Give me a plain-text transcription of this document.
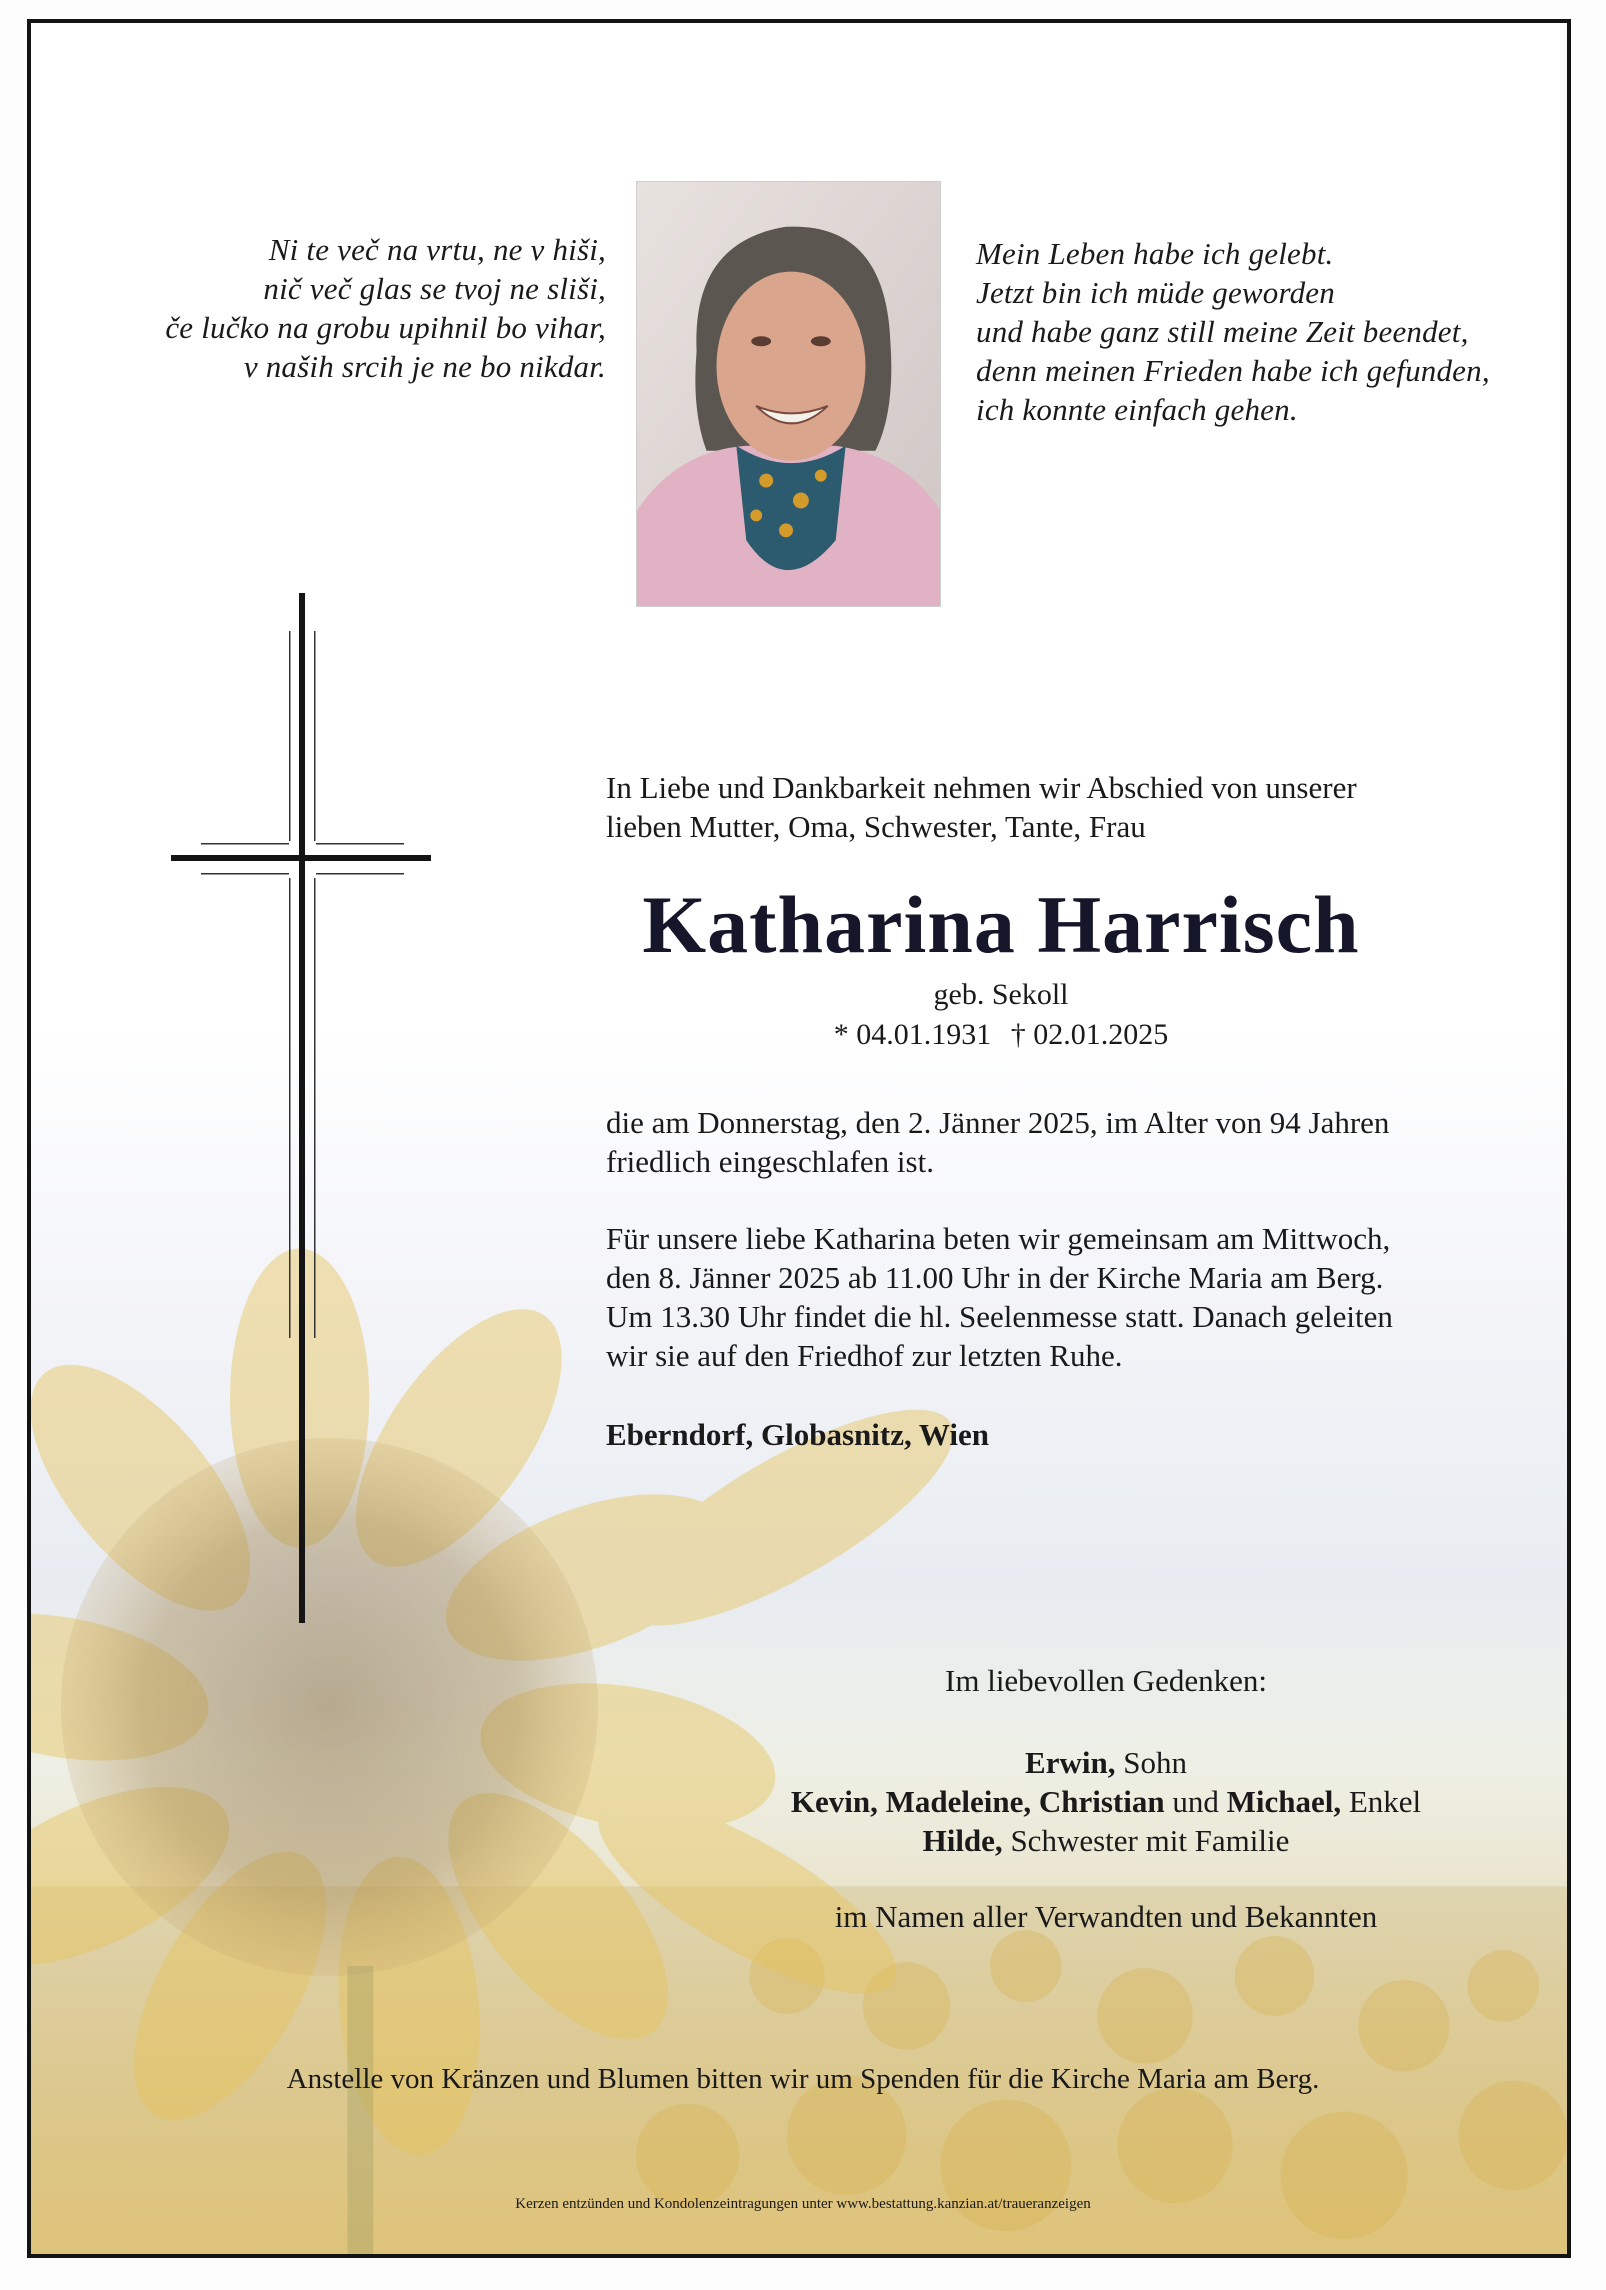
Ni te več na vrtu, ne v hiši,
nič več glas se tvoj ne sliši,
če lučko na grobu upihnil bo vihar,
v naših srcih je ne bo nikdar.
Mein Leben habe ich gelebt.
Jetzt bin ich müde geworden
und habe ganz still meine Zeit beendet,
denn meinen Frieden habe ich gefunden,
ich konnte einfach gehen.
In Liebe und Dankbarkeit nehmen wir Abschied von unserer
lieben Mutter, Oma, Schwester, Tante, Frau
Katharina Harrisch
geb. Sekoll
* 04.01.1931 † 02.01.2025
die am Donnerstag, den 2. Jänner 2025, im Alter von 94 Jahren
friedlich eingeschlafen ist.
Für unsere liebe Katharina beten wir gemeinsam am Mittwoch,
den 8. Jänner 2025 ab 11.00 Uhr in der Kirche Maria am Berg.
Um 13.30 Uhr findet die hl. Seelenmesse statt. Danach geleiten
wir sie auf den Friedhof zur letzten Ruhe.
Eberndorf, Globasnitz, Wien
Im liebevollen Gedenken:
Erwin, Sohn
Kevin, Madeleine, Christian und Michael, Enkel
Hilde, Schwester mit Familie
im Namen aller Verwandten und Bekannten
Anstelle von Kränzen und Blumen bitten wir um Spenden für die Kirche Maria am Berg.
Kerzen entzünden und Kondolenzeintragungen unter www.bestattung.kanzian.at/traueranzeigen
